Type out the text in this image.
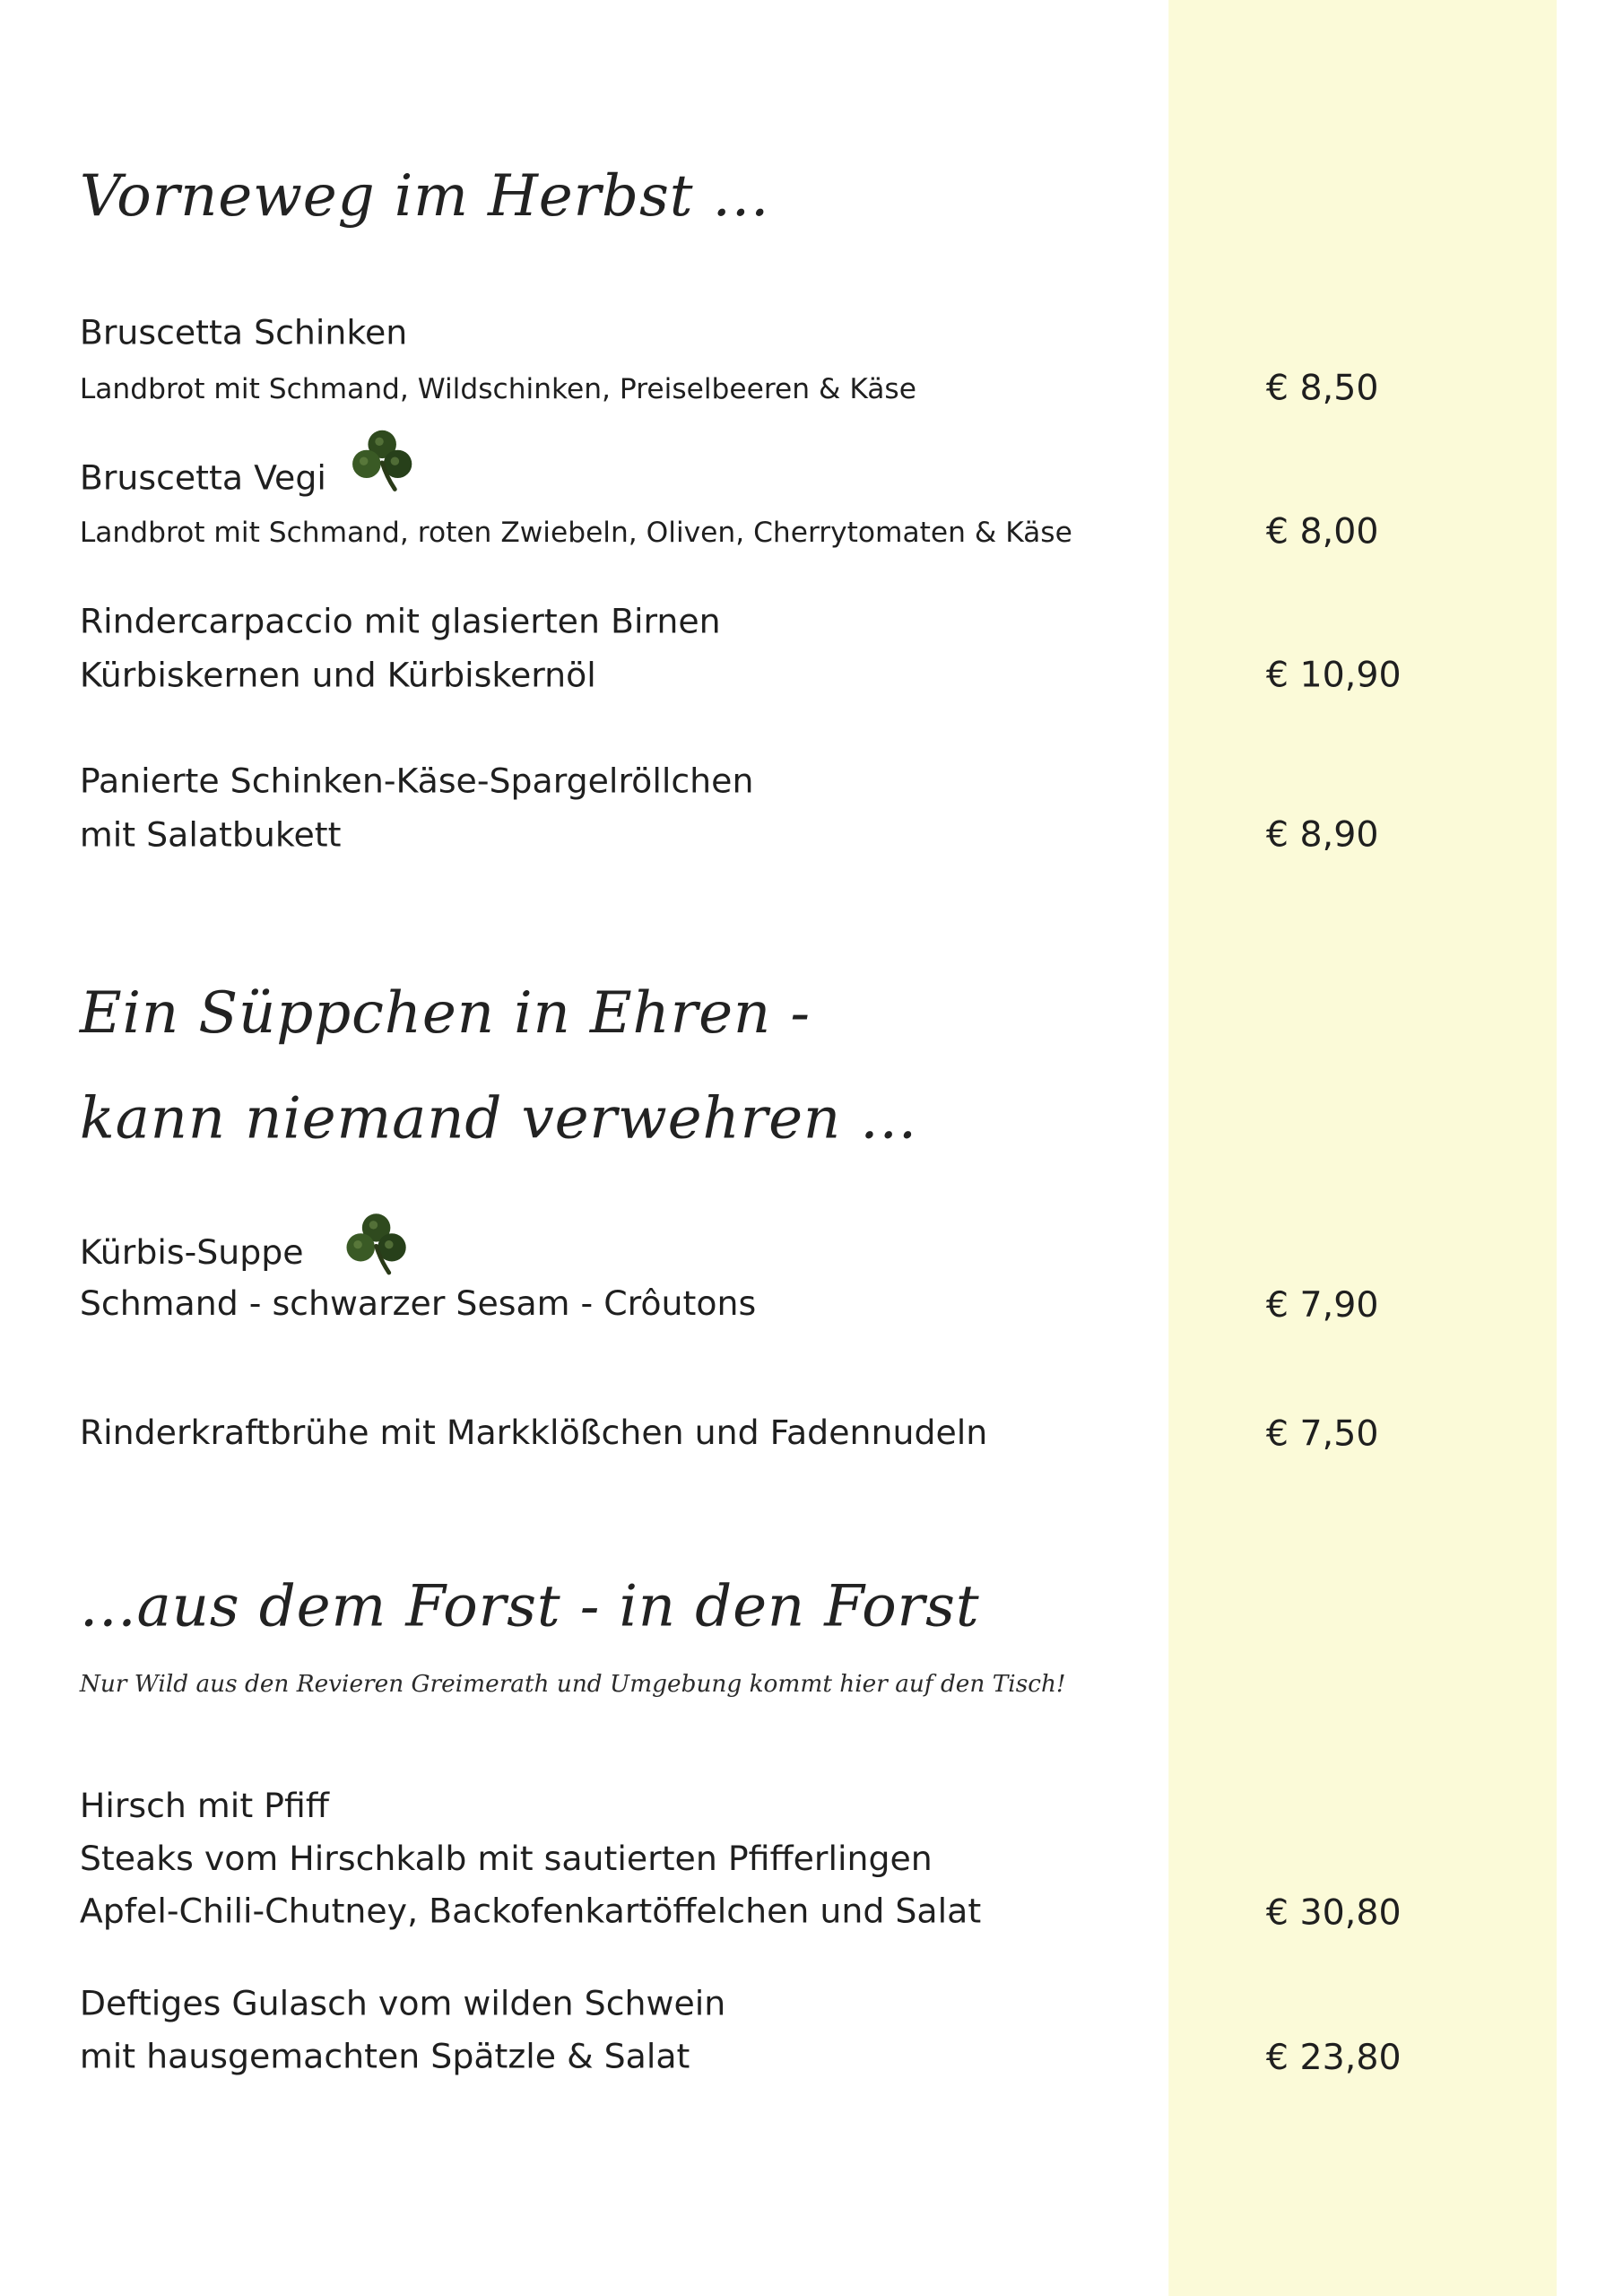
Vorneweg im Herbst ...

Bruscetta Schinken

Landbrot mit Schmand, Wildschinken, Preiselbeeren & Käse	€ 8,50

Bruscetta Vegi

Landbrot mit Schmand, roten Zwiebeln, Oliven, Cherrytomaten & Käse	€ 8,00

Rindercarpaccio mit glasierten Birnen

Kürbiskernen und Kürbiskernöl	€ 10,90

Panierte Schinken-Käse-Spargelröllchen

mit Salatbukett	€ 8,90

Ein Süppchen in Ehren -
kann niemand verwehren ...

Kürbis-Suppe

Schmand - schwarzer Sesam - Crôutons	€ 7,90

Rinderkraftbrühe mit Markklößchen und Fadennudeln	€ 7,50

...aus dem Forst - in den Forst

Nur Wild aus den Revieren Greimerath und Umgebung kommt hier auf den Tisch!

Hirsch mit Pfiff

Steaks vom Hirschkalb mit sautierten Pfifferlingen

Apfel-Chili-Chutney, Backofenkartöffelchen und Salat	€ 30,80

Deftiges Gulasch vom wilden Schwein

mit hausgemachten Spätzle & Salat	€ 23,80
